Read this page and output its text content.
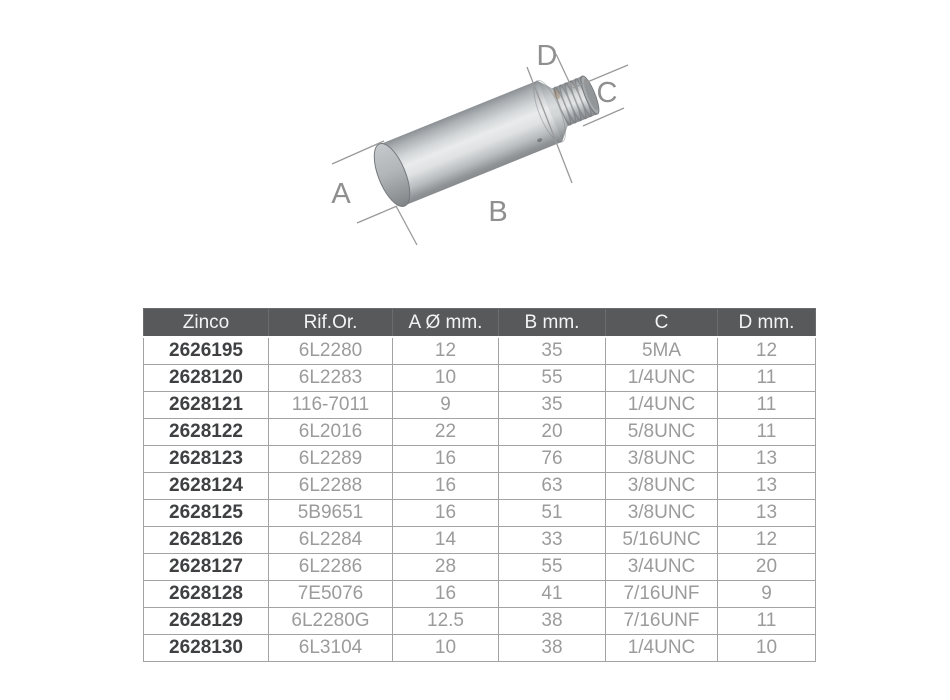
A
B
C
D
Zinco	Rif.Or.	A Ø mm.	B mm.	C	D mm.
2626195	6L2280	12	35	5MA	12
2628120	6L2283	10	55	1/4UNC	11
2628121	116-7011	9	35	1/4UNC	11
2628122	6L2016	22	20	5/8UNC	11
2628123	6L2289	16	76	3/8UNC	13
2628124	6L2288	16	63	3/8UNC	13
2628125	5B9651	16	51	3/8UNC	13
2628126	6L2284	14	33	5/16UNC	12
2628127	6L2286	28	55	3/4UNC	20
2628128	7E5076	16	41	7/16UNF	9
2628129	6L2280G	12.5	38	7/16UNF	11
2628130	6L3104	10	38	1/4UNC	10
